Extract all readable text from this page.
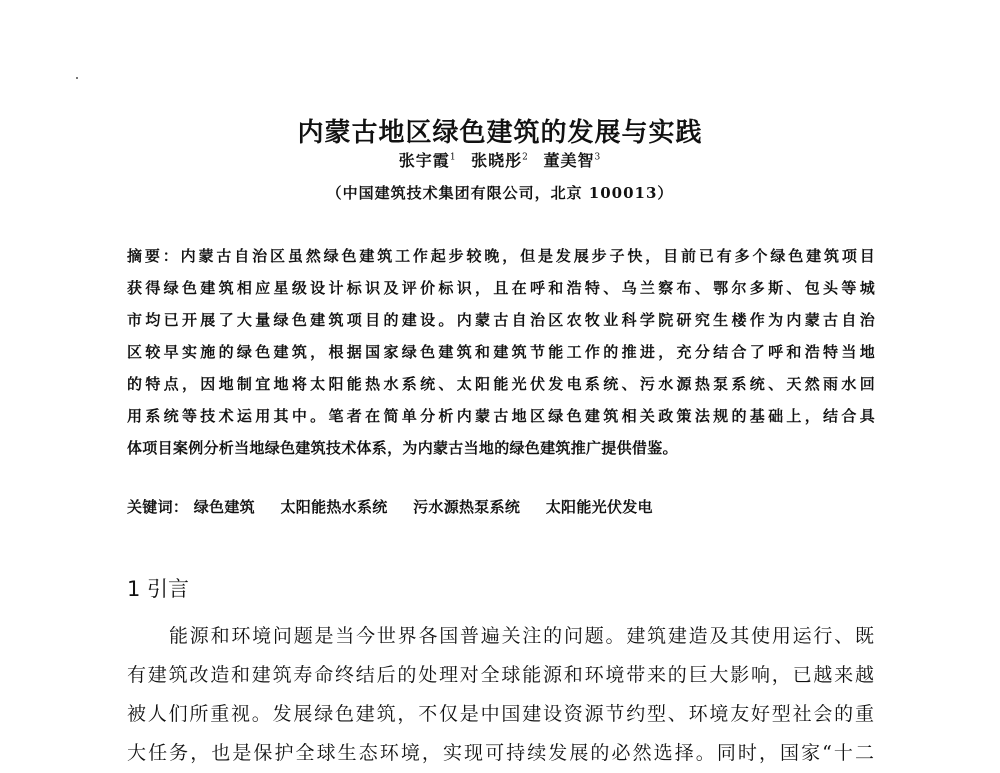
内蒙古地区绿色建筑的发展与实践
张宇霞$^1$ 张晓彤$^2$ 董美智$^3$
（中国建筑技术集团有限公司，北京 100013）
摘要：内蒙古自治区虽然绿色建筑工作起步较晚，但是发展步子快，目前已有多个绿色建筑项目
获得绿色建筑相应星级设计标识及评价标识，且在呼和浩特、乌兰察布、鄂尔多斯、包头等城
市均已开展了大量绿色建筑项目的建设。内蒙古自治区农牧业科学院研究生楼作为内蒙古自治
区较早实施的绿色建筑，根据国家绿色建筑和建筑节能工作的推进，充分结合了呼和浩特当地
的特点，因地制宜地将太阳能热水系统、太阳能光伏发电系统、污水源热泵系统、天然雨水回
用系统等技术运用其中。笔者在简单分析内蒙古地区绿色建筑相关政策法规的基础上，结合具
体项目案例分析当地绿色建筑技术体系，为内蒙古当地的绿色建筑推广提供借鉴。
关键词： 绿色建筑 太阳能热水系统 污水源热泵系统 太阳能光伏发电
1 引言
能源和环境问题是当今世界各国普遍关注的问题。建筑建造及其使用运行、既
有建筑改造和建筑寿命终结后的处理对全球能源和环境带来的巨大影响，已越来越
被人们所重视。发展绿色建筑，不仅是中国建设资源节约型、环境友好型社会的重
大任务，也是保护全球生态环境，实现可持续发展的必然选择。同时，国家“十二
